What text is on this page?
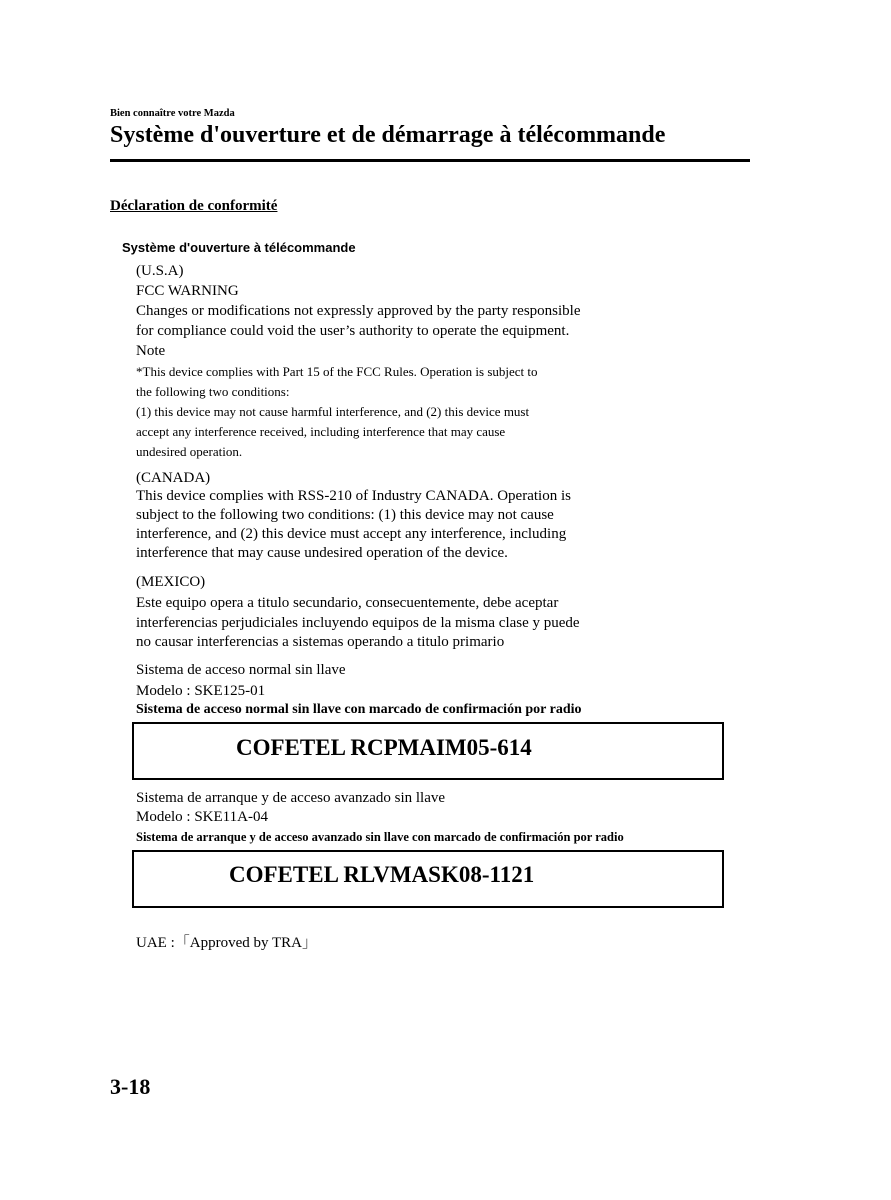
Bien connaître votre Mazda
Système d'ouverture et de démarrage à télécommande
Déclaration de conformité
Système d'ouverture à télécommande
(U.S.A)
FCC WARNING
Changes or modifications not expressly approved by the party responsible
for compliance could void the user’s authority to operate the equipment.
Note
*This device complies with Part 15 of the FCC Rules. Operation is subject to
the following two conditions:
(1) this device may not cause harmful interference, and (2) this device must
accept any interference received, including interference that may cause
undesired operation.
(CANADA)
This device complies with RSS-210 of Industry CANADA. Operation is
subject to the following two conditions: (1) this device may not cause
interference, and (2) this device must accept any interference, including
interference that may cause undesired operation of the device.
(MEXICO)
Este equipo opera a titulo secundario, consecuentemente, debe aceptar
interferencias perjudiciales incluyendo equipos de la misma clase y puede
no causar interferencias a sistemas operando a titulo primario
Sistema de acceso normal sin llave
Modelo : SKE125-01
Sistema de acceso normal sin llave con marcado de confirmación por radio
COFETEL RCPMAIM05-614
Sistema de arranque y de acceso avanzado sin llave
Modelo : SKE11A-04
Sistema de arranque y de acceso avanzado sin llave con marcado de confirmación por radio
COFETEL RLVMASK08-1121
UAE :「Approved by TRA」
3-18
